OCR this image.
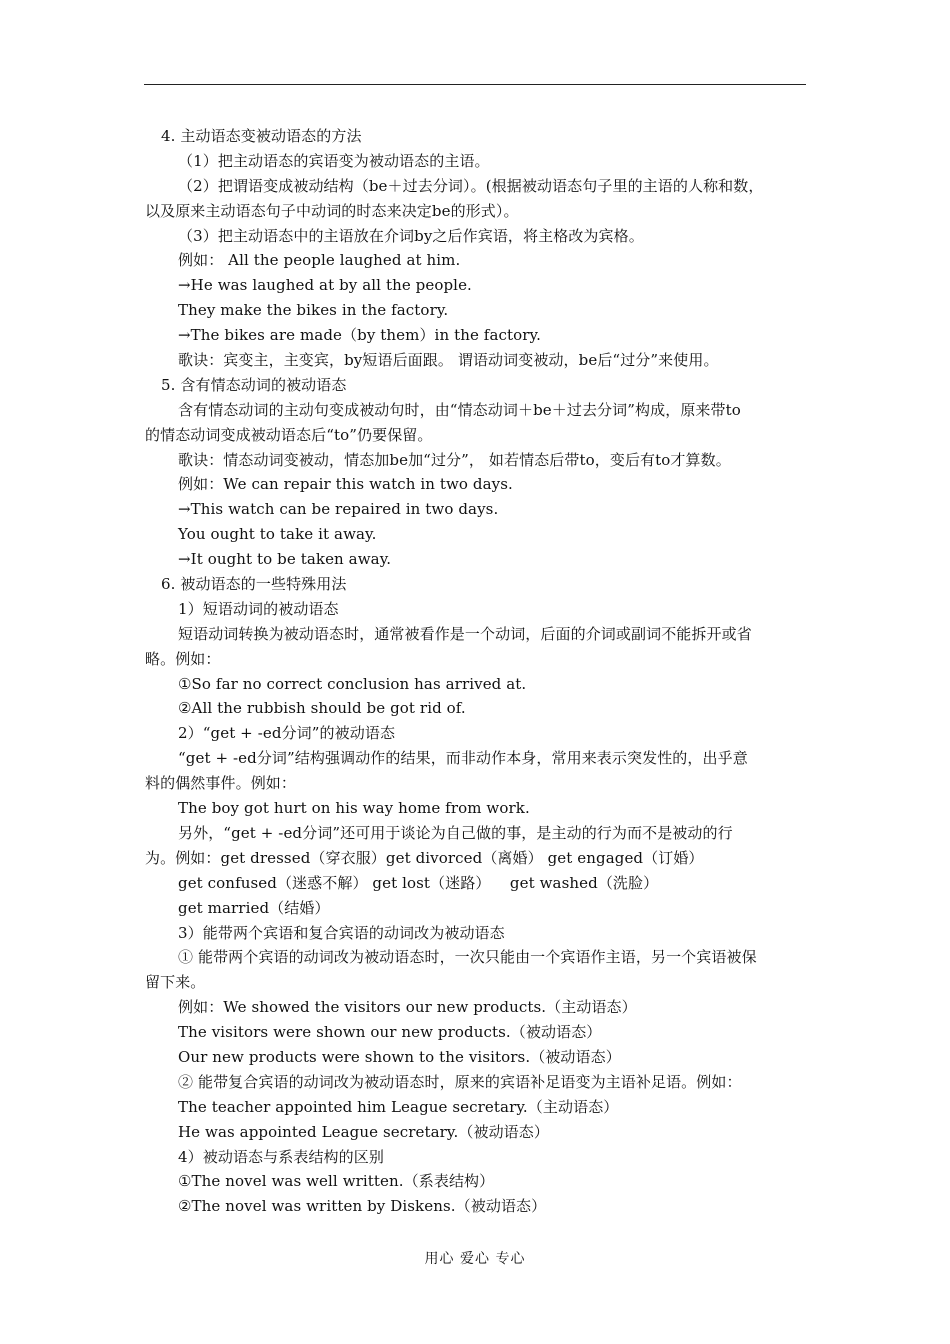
4. 主动语态变被动语态的方法
（1）把主动语态的宾语变为被动语态的主语。
（2）把谓语变成被动结构（be＋过去分词）。(根据被动语态句子里的主语的人称和数，
以及原来主动语态句子中动词的时态来决定be的形式）。
（3）把主动语态中的主语放在介词by之后作宾语，将主格改为宾格。
例如： All the people laughed at him.
→He was laughed at by all the people.
They make the bikes in the factory.
→The bikes are made（by them）in the factory.
歌诀：宾变主，主变宾，by短语后面跟。 谓语动词变被动，be后“过分”来使用。
5. 含有情态动词的被动语态
含有情态动词的主动句变成被动句时，由“情态动词＋be＋过去分词”构成，原来带to
的情态动词变成被动语态后“to”仍要保留。
歌诀：情态动词变被动，情态加be加“过分”， 如若情态后带to，变后有to才算数。
例如：We can repair this watch in two days.
→This watch can be repaired in two days.
You ought to take it away.
→It ought to be taken away.
6. 被动语态的一些特殊用法
1）短语动词的被动语态
短语动词转换为被动语态时，通常被看作是一个动词，后面的介词或副词不能拆开或省
略。例如：
①So far no correct conclusion has arrived at.
②All the rubbish should be got rid of.
2）“get + -ed分词”的被动语态
“get + -ed分词”结构强调动作的结果，而非动作本身，常用来表示突发性的，出乎意
料的偶然事件。例如：
The boy got hurt on his way home from work.
另外，“get + -ed分词”还可用于谈论为自己做的事，是主动的行为而不是被动的行
为。例如：get dressed（穿衣服）get divorced（离婚） get engaged（订婚）
get confused（迷惑不解） get lost（迷路）    get washed（洗脸）
get married（结婚）
3）能带两个宾语和复合宾语的动词改为被动语态
① 能带两个宾语的动词改为被动语态时，一次只能由一个宾语作主语，另一个宾语被保
留下来。
例如：We showed the visitors our new products.（主动语态）
The visitors were shown our new products.（被动语态）
Our new products were shown to the visitors.（被动语态）
② 能带复合宾语的动词改为被动语态时，原来的宾语补足语变为主语补足语。例如：
The teacher appointed him League secretary.（主动语态）
He was appointed League secretary.（被动语态）
4）被动语态与系表结构的区别
①The novel was well written.（系表结构）
②The novel was written by Diskens.（被动语态）
用心 爱心 专心
